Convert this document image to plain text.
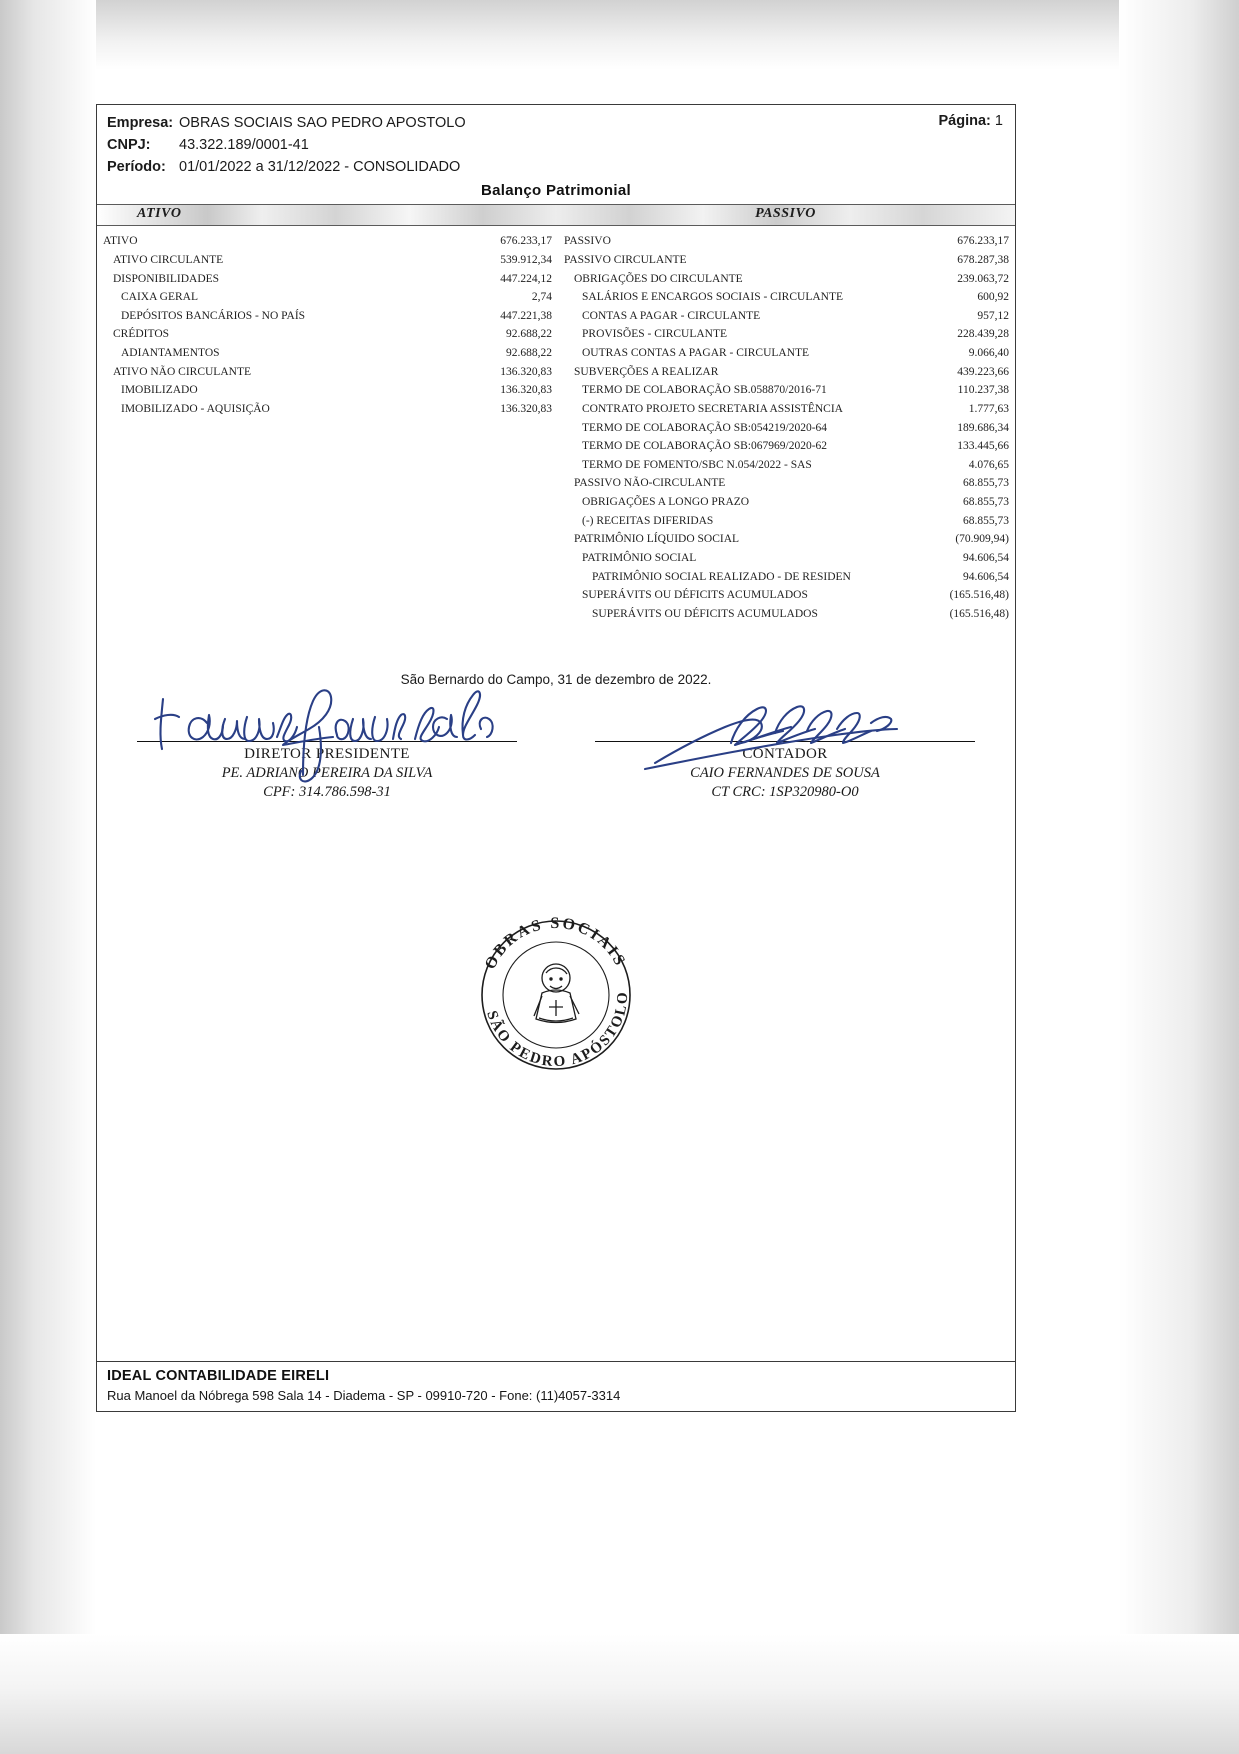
Página: 1
Empresa: OBRAS SOCIAIS SAO PEDRO APOSTOLO
CNPJ:	43.322.189/0001-41
Período: 01/01/2022 a 31/12/2022 - CONSOLIDADO
Balanço Patrimonial
ATIVO	PASSIVO
ATIVO	676.233,17
ATIVO CIRCULANTE	539.912,34
DISPONIBILIDADES	447.224,12
CAIXA GERAL	2,74
DEPÓSITOS BANCÁRIOS - NO PAÍS	447.221,38
CRÉDITOS	92.688,22
ADIANTAMENTOS	92.688,22
ATIVO NÃO CIRCULANTE	136.320,83
IMOBILIZADO	136.320,83
IMOBILIZADO - AQUISIÇÃO	136.320,83
PASSIVO	676.233,17
PASSIVO CIRCULANTE	678.287,38
OBRIGAÇÕES DO CIRCULANTE	239.063,72
SALÁRIOS E ENCARGOS SOCIAIS - CIRCULANTE	600,92
CONTAS A PAGAR - CIRCULANTE	957,12
PROVISÕES - CIRCULANTE	228.439,28
OUTRAS CONTAS A PAGAR - CIRCULANTE	9.066,40
SUBVERÇÕES A REALIZAR	439.223,66
TERMO DE COLABORAÇÃO SB.058870/2016-71	110.237,38
CONTRATO PROJETO SECRETARIA ASSISTÊNCIA	1.777,63
TERMO DE COLABORAÇÃO SB:054219/2020-64	189.686,34
TERMO DE COLABORAÇÃO SB:067969/2020-62	133.445,66
TERMO DE FOMENTO/SBC N.054/2022 - SAS	4.076,65
PASSIVO NÃO-CIRCULANTE	68.855,73
OBRIGAÇÕES A LONGO PRAZO	68.855,73
(-) RECEITAS DIFERIDAS	68.855,73
PATRIMÔNIO LÍQUIDO SOCIAL	(70.909,94)
PATRIMÔNIO SOCIAL	94.606,54
PATRIMÔNIO SOCIAL REALIZADO - DE RESIDEN	94.606,54
SUPERÁVITS OU DÉFICITS ACUMULADOS	(165.516,48)
SUPERÁVITS OU DÉFICITS ACUMULADOS	(165.516,48)
São Bernardo do Campo, 31 de dezembro de 2022.
DIRETOR PRESIDENTE
PE. ADRIANO PEREIRA DA SILVA
CPF: 314.786.598-31
CONTADOR
CAIO FERNANDES DE SOUSA
CT CRC: 1SP320980-O0
OBRAS SOCIAIS
SÃO PEDRO APÓSTOLO
IDEAL CONTABILIDADE EIRELI
Rua Manoel da Nóbrega 598 Sala 14 - Diadema - SP - 09910-720 - Fone: (11)4057-3314
